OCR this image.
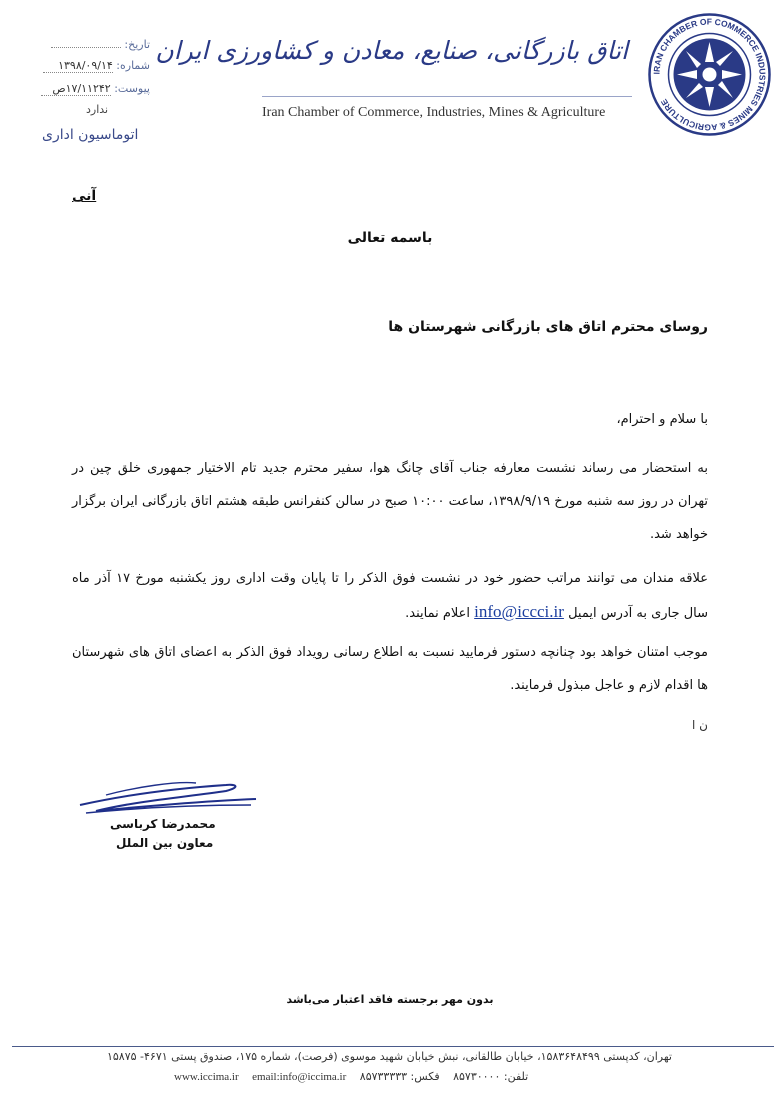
تاریخ:
شماره: ۱۳۹۸/۰۹/۱۴
پیوست: ۱۷/۱۱۲۴۲ص
ندارد
اتوماسیون اداری
اتاق بازرگانی، صنایع، معادن و کشاورزی ایران
Iran Chamber of Commerce, Industries, Mines & Agriculture
IRAN CHAMBER OF COMMERCE INDUSTRIES MINES & AGRICULTURE
آنی
باسمه تعالی
روسای محترم اتاق های بازرگانی شهرستان ها
با سلام و احترام،
به استحضار می رساند نشست معارفه جناب آقای چانگ هوا، سفیر محترم جدید تام الاختیار جمهوری خلق چین در تهران در روز سه شنبه مورخ ۱۳۹۸/۹/۱۹، ساعت ۱۰:۰۰ صبح در سالن کنفرانس طبقه هشتم اتاق بازرگانی ایران برگزار خواهد شد.
علاقه مندان می توانند مراتب حضور خود در نشست فوق الذکر را تا پایان وقت اداری روز یکشنبه مورخ ۱۷ آذر ماه سال جاری به آدرس ایمیل info@iccci.ir اعلام نمایند.
موجب امتنان خواهد بود چنانچه دستور فرمایید نسبت به اطلاع رسانی رویداد فوق الذکر به اعضای اتاق های شهرستان ها اقدام لازم و عاجل مبذول فرمایند.
ن ا
محمدرضا کرباسی
معاون بین الملل
بدون مهر برجسته فاقد اعتبار می‌باشد
تهران، کدپستی ۱۵۸۳۶۴۸۴۹۹، خیابان طالقانی، نبش خیابان شهید موسوی (فرصت)، شماره ۱۷۵، صندوق پستی ۴۶۷۱- ۱۵۸۷۵
www.iccima.ir email:info@iccima.ir فکس: ۸۵۷۳۳۳۳۳ تلفن: ۸۵۷۳۰۰۰۰
